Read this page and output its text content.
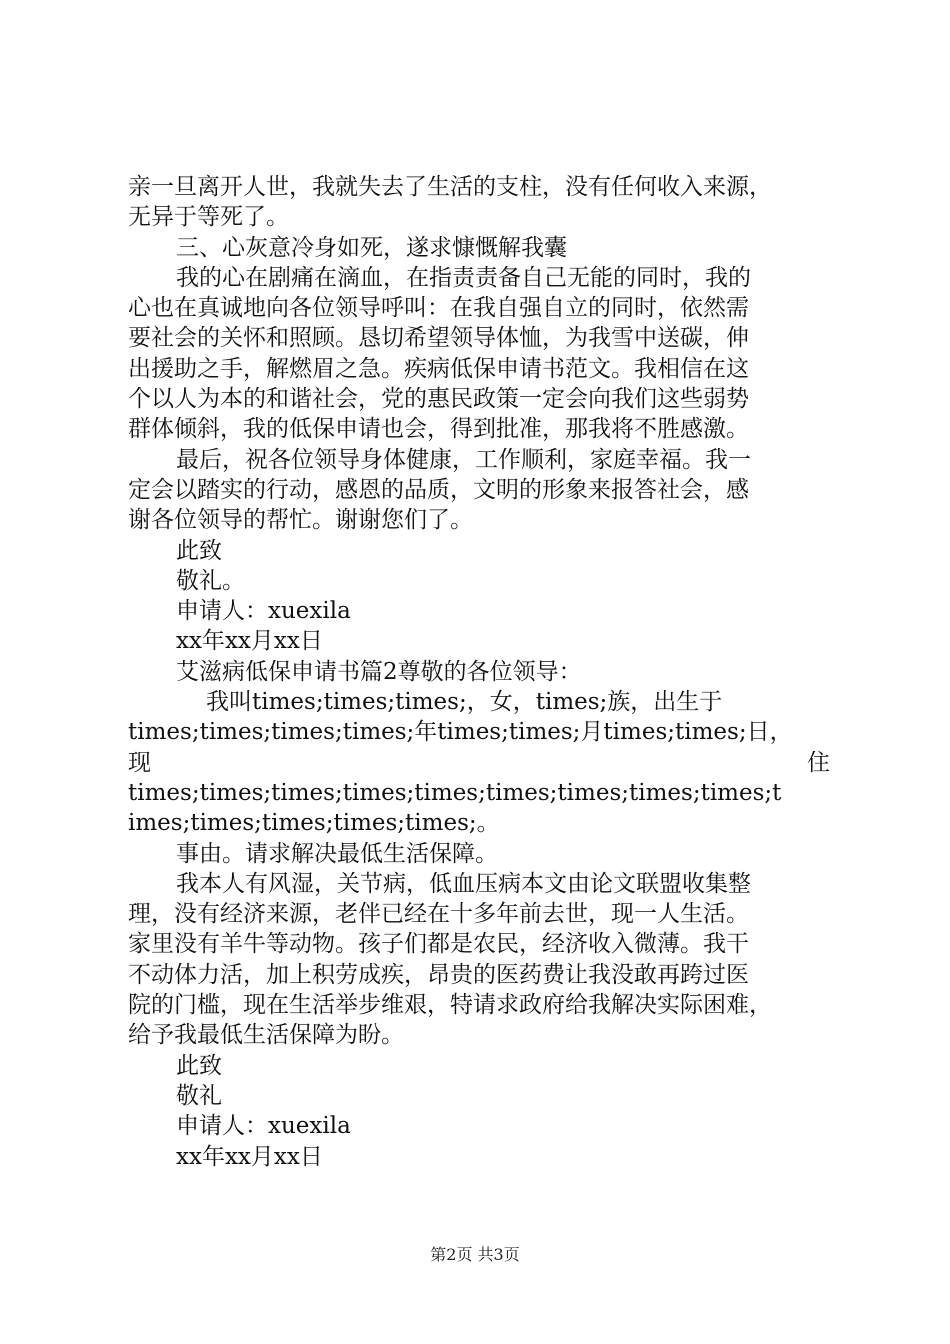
亲一旦离开人世，我就失去了生活的支柱，没有任何收入来源，
无异于等死了。
三、心灰意冷身如死，遂求慷慨解我囊
我的心在剧痛在滴血，在指责责备自己无能的同时，我的
心也在真诚地向各位领导呼叫：在我自强自立的同时，依然需
要社会的关怀和照顾。恳切希望领导体恤，为我雪中送碳，伸
出援助之手，解燃眉之急。疾病低保申请书范文。我相信在这
个以人为本的和谐社会，党的惠民政策一定会向我们这些弱势
群体倾斜，我的低保申请也会，得到批准，那我将不胜感激。
最后，祝各位领导身体健康，工作顺利，家庭幸福。我一
定会以踏实的行动，感恩的品质，文明的形象来报答社会，感
谢各位领导的帮忙。谢谢您们了。
此致
敬礼。
申请人：xuexila
xx年xx月xx日
艾滋病低保申请书篇2尊敬的各位领导：
我叫times;times;times;，女，times;族，出生于
times;times;times;times;年times;times;月times;times;日，
现	住
times;times;times;times;times;times;times;times;times;t
imes;times;times;times;times;。
事由。请求解决最低生活保障。
我本人有风湿，关节病，低血压病本文由论文联盟收集整
理，没有经济来源，老伴已经在十多年前去世，现一人生活。
家里没有羊牛等动物。孩子们都是农民，经济收入微薄。我干
不动体力活，加上积劳成疾，昂贵的医药费让我没敢再跨过医
院的门槛，现在生活举步维艰，特请求政府给我解决实际困难，
给予我最低生活保障为盼。
此致
敬礼
申请人：xuexila
xx年xx月xx日
第2页 共3页
